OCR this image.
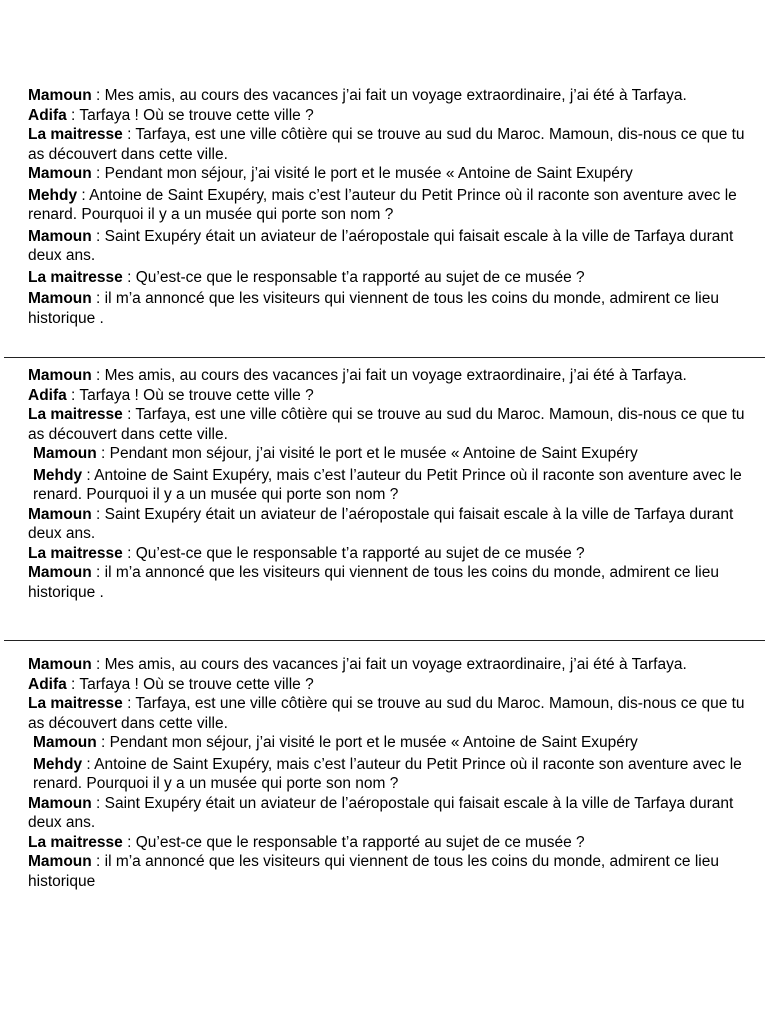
Mamoun : Mes amis, au cours des vacances j’ai fait un voyage extraordinaire, j’ai été à Tarfaya.
Adifa : Tarfaya ! Où se trouve cette ville ?
La maitresse : Tarfaya, est une ville côtière qui se trouve au sud du Maroc. Mamoun, dis-nous ce que tu as découvert dans cette ville.
Mamoun : Pendant mon séjour, j’ai visité le port et le musée « Antoine de Saint Exupéry
Mehdy : Antoine de Saint Exupéry, mais c’est l’auteur du Petit Prince où il raconte son aventure avec le renard. Pourquoi il y a un musée qui porte son nom ?
Mamoun : Saint Exupéry était un aviateur de l’aéropostale qui faisait escale à la ville de Tarfaya durant deux ans.
La maitresse : Qu’est-ce que le responsable t’a rapporté au sujet de ce musée ?
Mamoun : il m’a annoncé que les visiteurs qui viennent de tous les coins du monde, admirent ce lieu historique .
Mamoun : Mes amis, au cours des vacances j’ai fait un voyage extraordinaire, j’ai été à Tarfaya.
Adifa : Tarfaya ! Où se trouve cette ville ?
La maitresse : Tarfaya, est une ville côtière qui se trouve au sud du Maroc. Mamoun, dis-nous ce que tu as découvert dans cette ville.
Mamoun : Pendant mon séjour, j’ai visité le port et le musée « Antoine de Saint Exupéry
Mehdy : Antoine de Saint Exupéry, mais c’est l’auteur du Petit Prince où il raconte son aventure avec le renard. Pourquoi il y a un musée qui porte son nom ?
Mamoun : Saint Exupéry était un aviateur de l’aéropostale qui faisait escale à la ville de Tarfaya durant deux ans.
La maitresse : Qu’est-ce que le responsable t’a rapporté au sujet de ce musée ?
Mamoun : il m’a annoncé que les visiteurs qui viennent de tous les coins du monde, admirent ce lieu historique .
Mamoun : Mes amis, au cours des vacances j’ai fait un voyage extraordinaire, j’ai été à Tarfaya.
Adifa : Tarfaya ! Où se trouve cette ville ?
La maitresse : Tarfaya, est une ville côtière qui se trouve au sud du Maroc. Mamoun, dis-nous ce que tu as découvert dans cette ville.
Mamoun : Pendant mon séjour, j’ai visité le port et le musée « Antoine de Saint Exupéry
Mehdy : Antoine de Saint Exupéry, mais c’est l’auteur du Petit Prince où il raconte son aventure avec le renard. Pourquoi il y a un musée qui porte son nom ?
Mamoun : Saint Exupéry était un aviateur de l’aéropostale qui faisait escale à la ville de Tarfaya durant deux ans.
La maitresse : Qu’est-ce que le responsable t’a rapporté au sujet de ce musée ?
Mamoun : il m’a annoncé que les visiteurs qui viennent de tous les coins du monde, admirent ce lieu historique
